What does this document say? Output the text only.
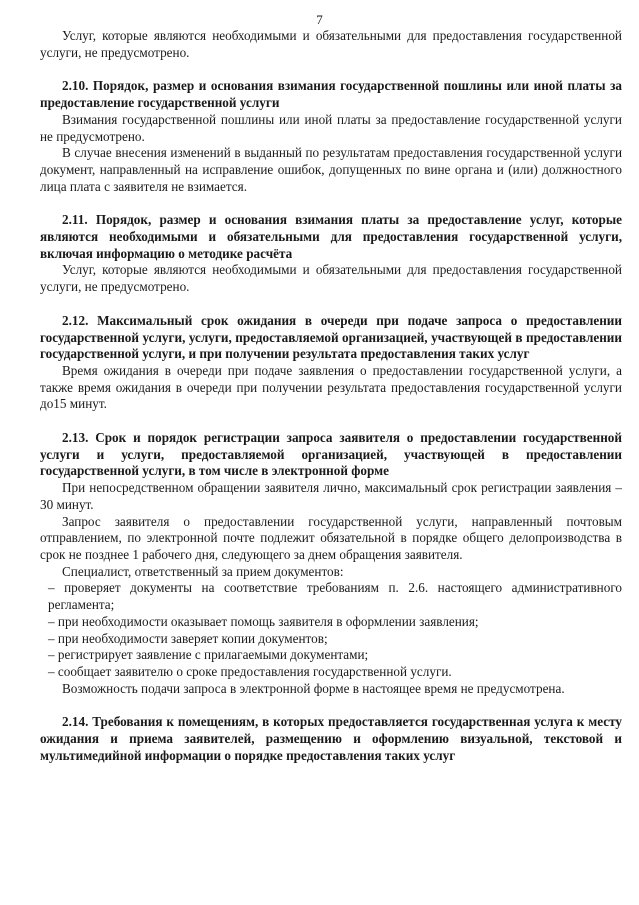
7

Услуг, которые являются необходимыми и обязательными для предоставления государственной услуги, не предусмотрено.

2.10. Порядок, размер и основания взимания государственной пошлины или иной платы за предоставление государственной услуги

Взимания государственной пошлины или иной платы за предоставление государственной услуги не предусмотрено.

В случае внесения изменений в выданный по результатам предоставления государственной услуги документ, направленный на исправление ошибок, допущенных по вине органа и (или) должностного лица плата с заявителя не взимается.

2.11. Порядок, размер и основания взимания платы за предоставление услуг, которые являются необходимыми и обязательными для предоставления государственной услуги, включая информацию о методике расчёта

Услуг, которые являются необходимыми и обязательными для предоставления государственной услуги, не предусмотрено.

2.12. Максимальный срок ожидания в очереди при подаче запроса о предоставлении государственной услуги, услуги, предоставляемой организацией, участвующей в предоставлении государственной услуги, и при получении результата предоставления таких услуг

Время ожидания в очереди при подаче заявления о предоставлении государственной услуги, а также время ожидания в очереди при получении результата предоставления государственной услуги до15 минут.

2.13. Срок и порядок регистрации запроса заявителя о предоставлении государственной услуги и услуги, предоставляемой организацией, участвующей в предоставлении государственной услуги, в том числе в электронной форме

При непосредственном обращении заявителя лично, максимальный срок регистрации заявления – 30 минут.

Запрос заявителя о предоставлении государственной услуги, направленный почтовым отправлением, по электронной почте подлежит обязательной в порядке общего делопроизводства в срок не позднее 1 рабочего дня, следующего за днем обращения заявителя.

Специалист, ответственный за прием документов:

– проверяет документы на соответствие требованиям п. 2.6. настоящего административного регламента;

– при необходимости оказывает помощь заявителя в оформлении заявления;

– при необходимости заверяет копии документов;

– регистрирует заявление с прилагаемыми документами;

– сообщает заявителю о сроке предоставления государственной услуги.

Возможность подачи запроса в электронной форме в настоящее время не предусмотрена.

2.14. Требования к помещениям, в которых предоставляется государственная услуга к месту ожидания и приема заявителей, размещению и оформлению визуальной, текстовой и мультимедийной информации о порядке предоставления таких услуг
